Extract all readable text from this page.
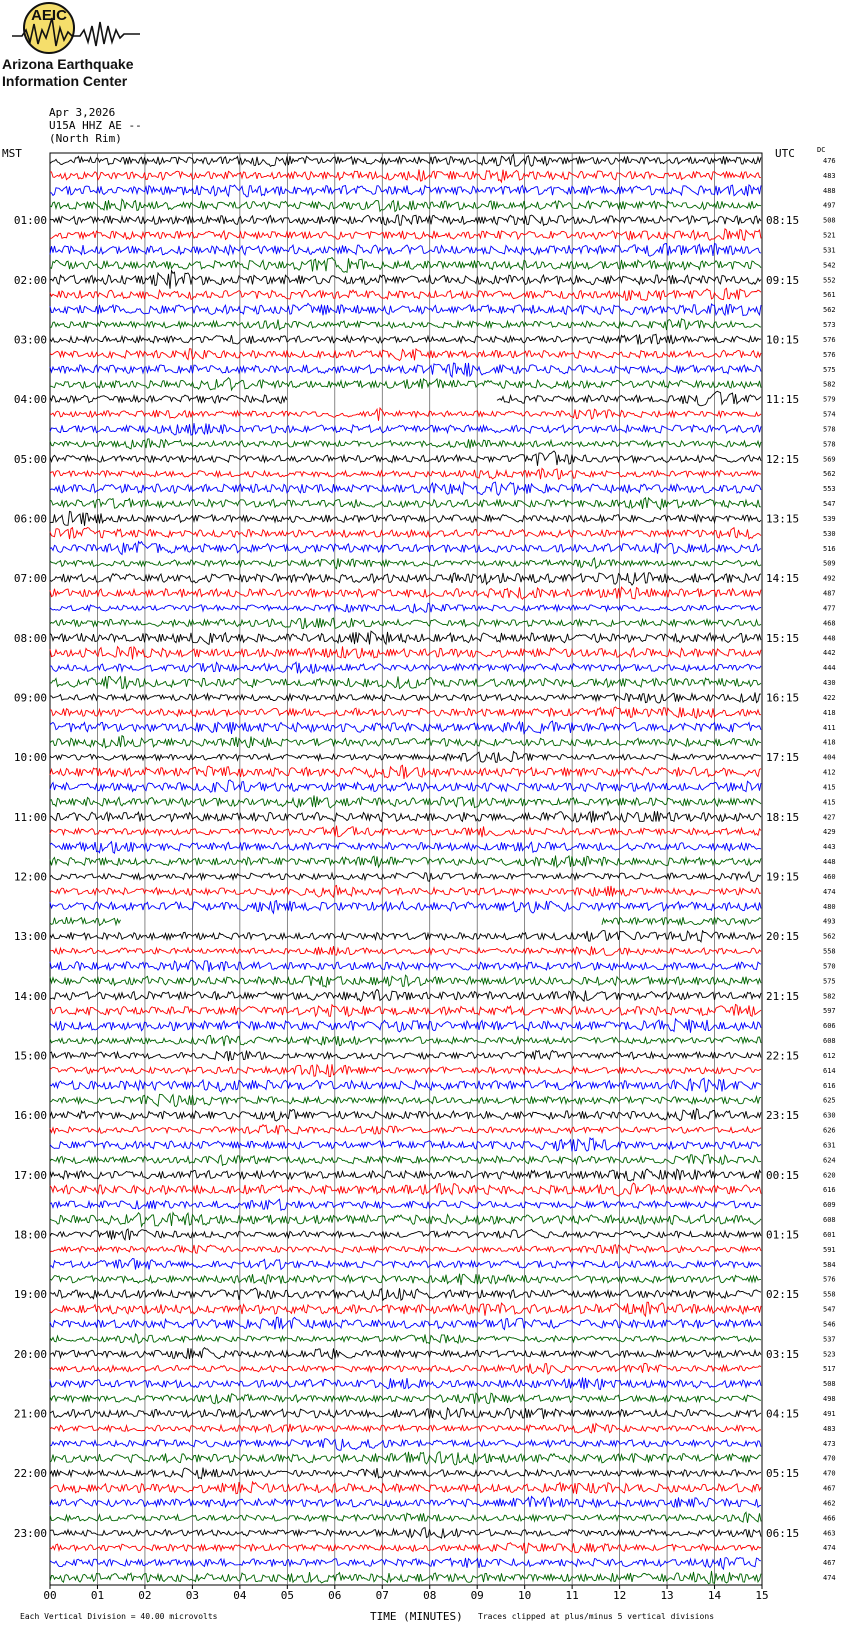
AEIC
Arizona Earthquake
Information Center
Apr 3,2026
U15A HHZ AE --
(North Rim)
MST	UTC	DC
476
483
488
497
508
521
531
542
552
561
562
573
576
576
575
582
579
574
578
578
569
562
553
547
539
530
516
509
492
487
477
468
448
442
444
430
422
418
411
418
404
412
415
415
427
429
443
448
460
474
480
493
562
558
570
575
582
597
606
608
612
614
616
625
630
626
631
624
620
616
609
608
601
591
584
576
558
547
546
537
523
517
508
498
491
483
473
470
470
467
462
466
463
474
467
474
01:00
02:00
03:00
04:00
05:00
06:00
07:00
08:00
09:00
10:00
11:00
12:00
13:00
14:00
15:00
16:00
17:00
18:00
19:00
20:00
21:00
22:00
23:00
08:15
09:15
10:15
11:15
12:15
13:15
14:15
15:15
16:15
17:15
18:15
19:15
20:15
21:15
22:15
23:15
00:15
01:15
02:15
03:15
04:15
05:15
06:15
00	01	02	03	04	05	06	07	08	09	10	11	12	13	14	15
Each Vertical Division = 40.00 microvolts	TIME (MINUTES) Traces clipped at plus/minus 5 vertical divisions
